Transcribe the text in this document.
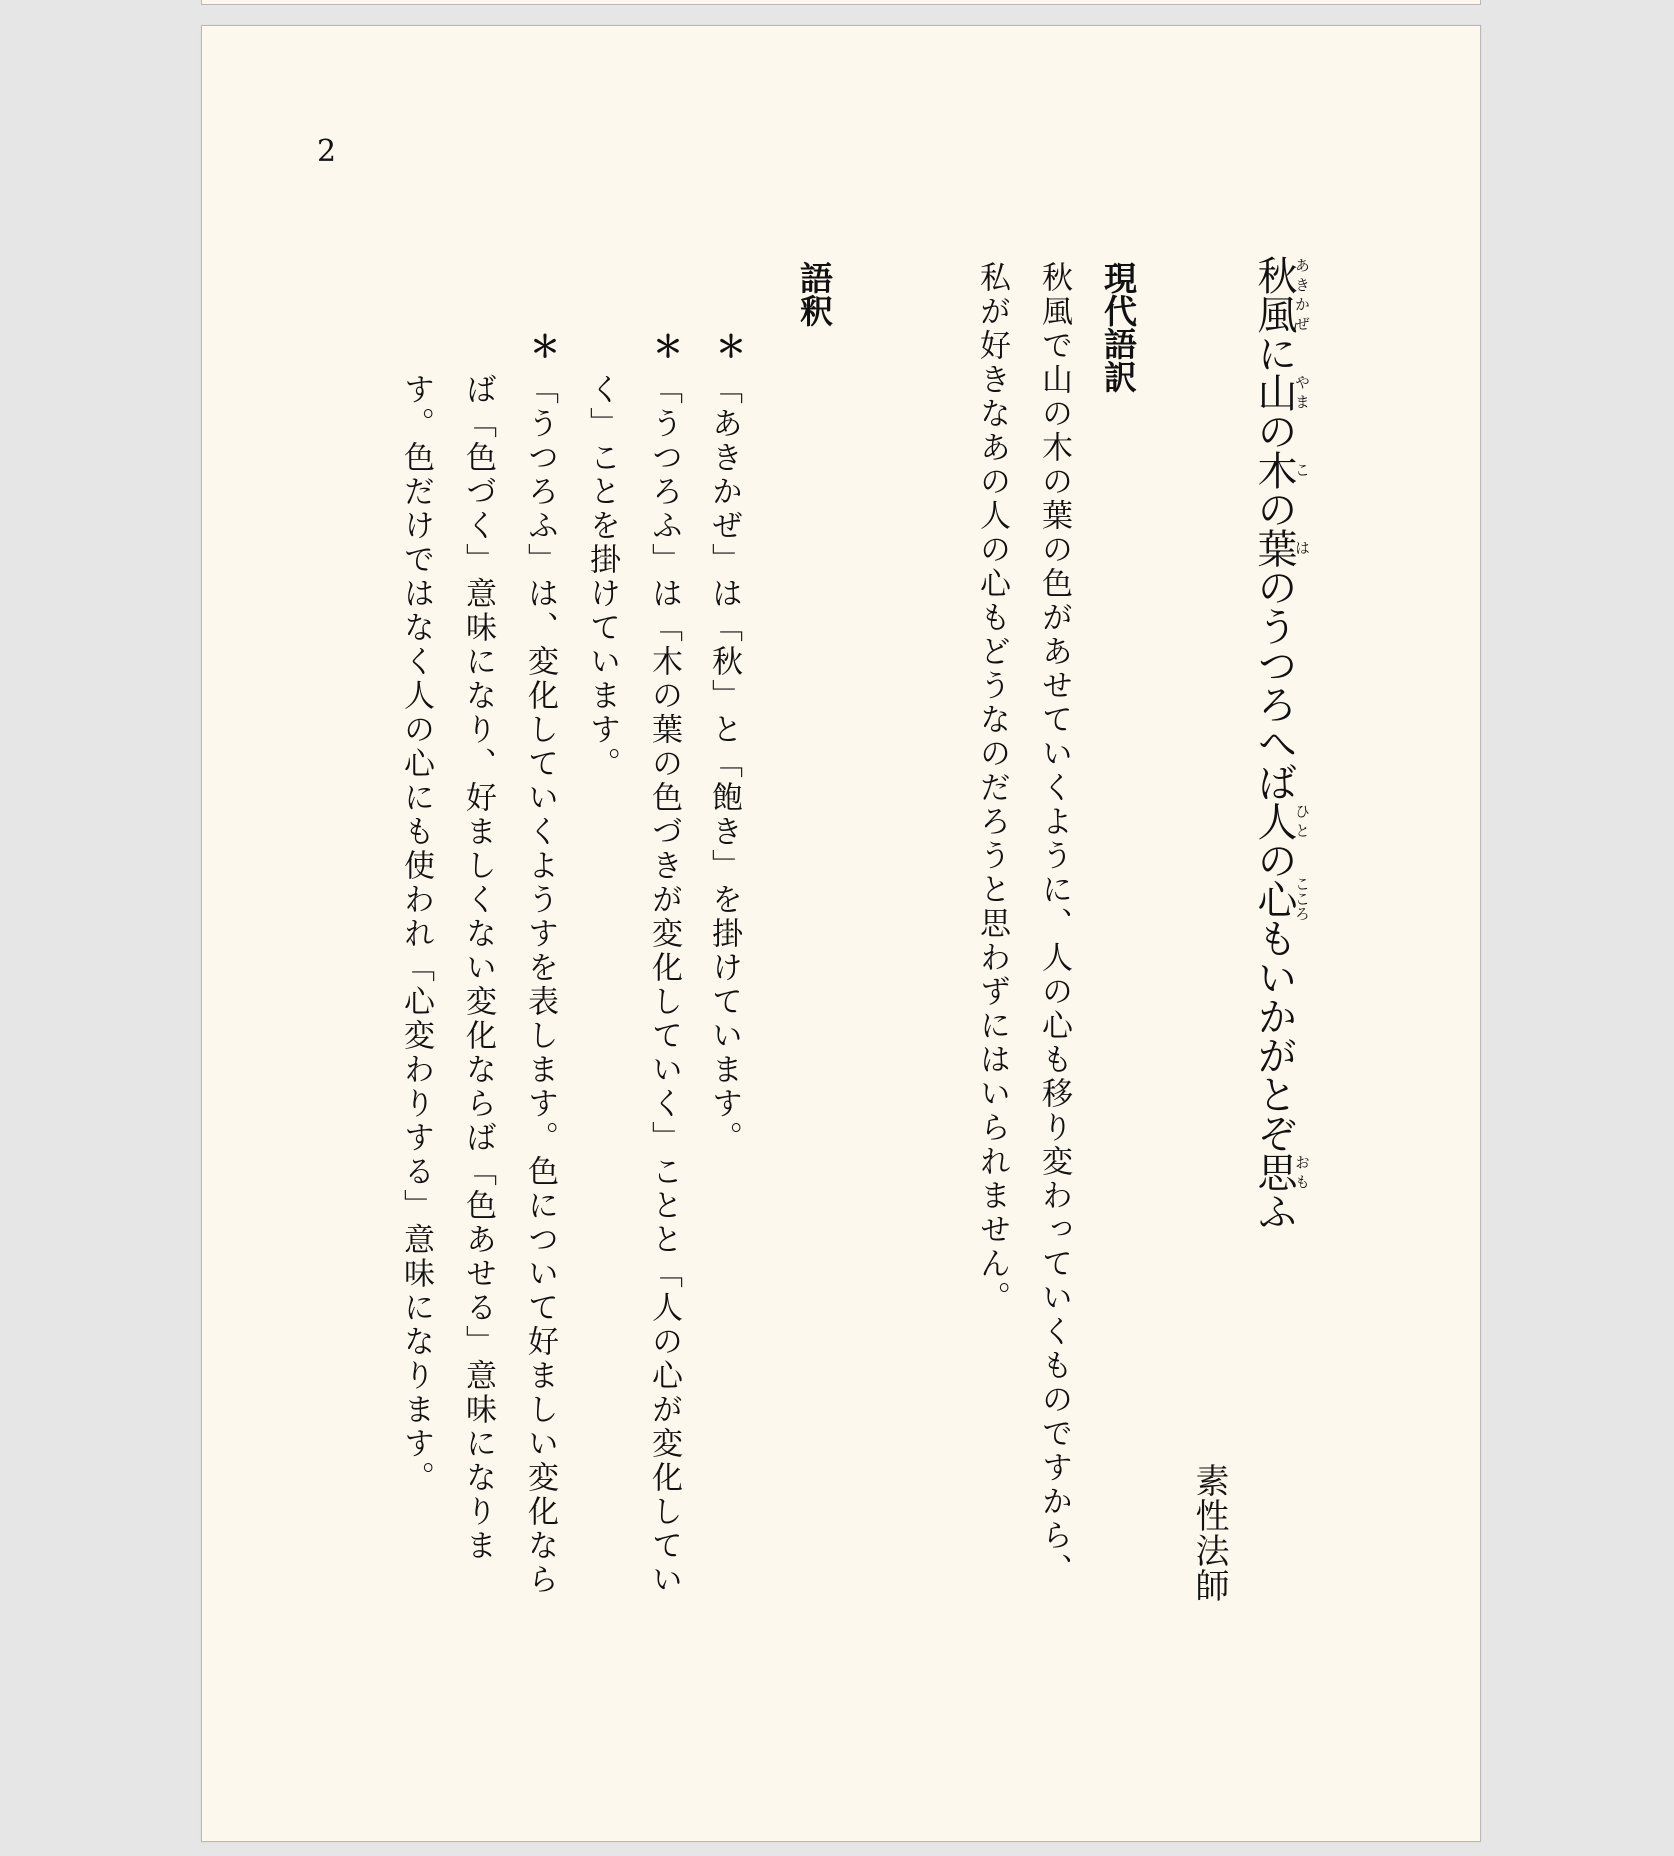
2
秋風あきかぜに山やまの木この葉はのうつろへば人ひとの心こころもいかがとぞ思おもふ
素性法師
現代語訳
秋風で山の木の葉の色があせていくように、人の心も移り変わっていくものですから、
私が好きなあの人の心もどうなのだろうと思わずにはいられません。
語釈
＊
＊
＊
「あきかぜ」は「秋」と「飽き」を掛けています。
「うつろふ」は「木の葉の色づきが変化していく」ことと「人の心が変化してい
く」ことを掛けています。
「うつろふ」は、変化していくようすを表します。色について好ましい変化なら
ば「色づく」意味になり、好ましくない変化ならば「色あせる」意味になりま
す。色だけではなく人の心にも使われ「心変わりする」意味になります。
